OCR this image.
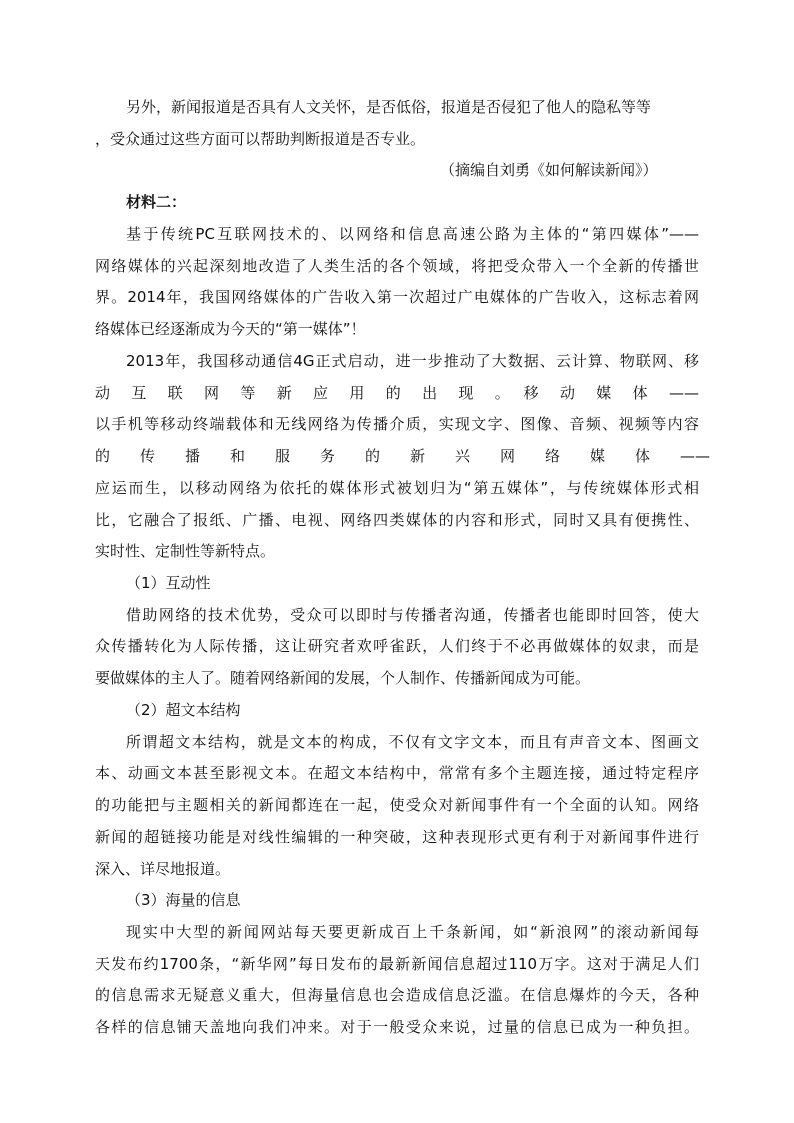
另外，新闻报道是否具有人文关怀，是否低俗，报道是否侵犯了他人的隐私等等
，受众通过这些方面可以帮助判断报道是否专业。
（摘编自刘勇《如何解读新闻》）
材料二：
基于传统PC互联网技术的、以网络和信息高速公路为主体的“第四媒体”——
网络媒体的兴起深刻地改造了人类生活的各个领域，将把受众带入一个全新的传播世
界。2014年，我国网络媒体的广告收入第一次超过广电媒体的广告收入，这标志着网
络媒体已经逐渐成为今天的“第一媒体”！
2013年，我国移动通信4G正式启动，进一步推动了大数据、云计算、物联网、移
动　互　联　网　等　新　应　用　的　出　现　。　移　动　媒　体　——
以手机等移动终端载体和无线网络为传播介质，实现文字、图像、音频、视频等内容
的　　传　　播　　和　　服　　务　　的　　新　　兴　　网　　络　　媒　　体　　——
应运而生，以移动网络为依托的媒体形式被划归为“第五媒体”，与传统媒体形式相
比，它融合了报纸、广播、电视、网络四类媒体的内容和形式，同时又具有便携性、
实时性、定制性等新特点。
（1）互动性
借助网络的技术优势，受众可以即时与传播者沟通，传播者也能即时回答，使大
众传播转化为人际传播，这让研究者欢呼雀跃，人们终于不必再做媒体的奴隶，而是
要做媒体的主人了。随着网络新闻的发展，个人制作、传播新闻成为可能。
（2）超文本结构
所谓超文本结构，就是文本的构成，不仅有文字文本，而且有声音文本、图画文
本、动画文本甚至影视文本。在超文本结构中，常常有多个主题连接，通过特定程序
的功能把与主题相关的新闻都连在一起，使受众对新闻事件有一个全面的认知。网络
新闻的超链接功能是对线性编辑的一种突破，这种表现形式更有利于对新闻事件进行
深入、详尽地报道。
（3）海量的信息
现实中大型的新闻网站每天要更新成百上千条新闻，如“新浪网”的滚动新闻每
天发布约1700条，“新华网”每日发布的最新新闻信息超过110万字。这对于满足人们
的信息需求无疑意义重大，但海量信息也会造成信息泛滥。在信息爆炸的今天，各种
各样的信息铺天盖地向我们冲来。对于一般受众来说，过量的信息已成为一种负担。
